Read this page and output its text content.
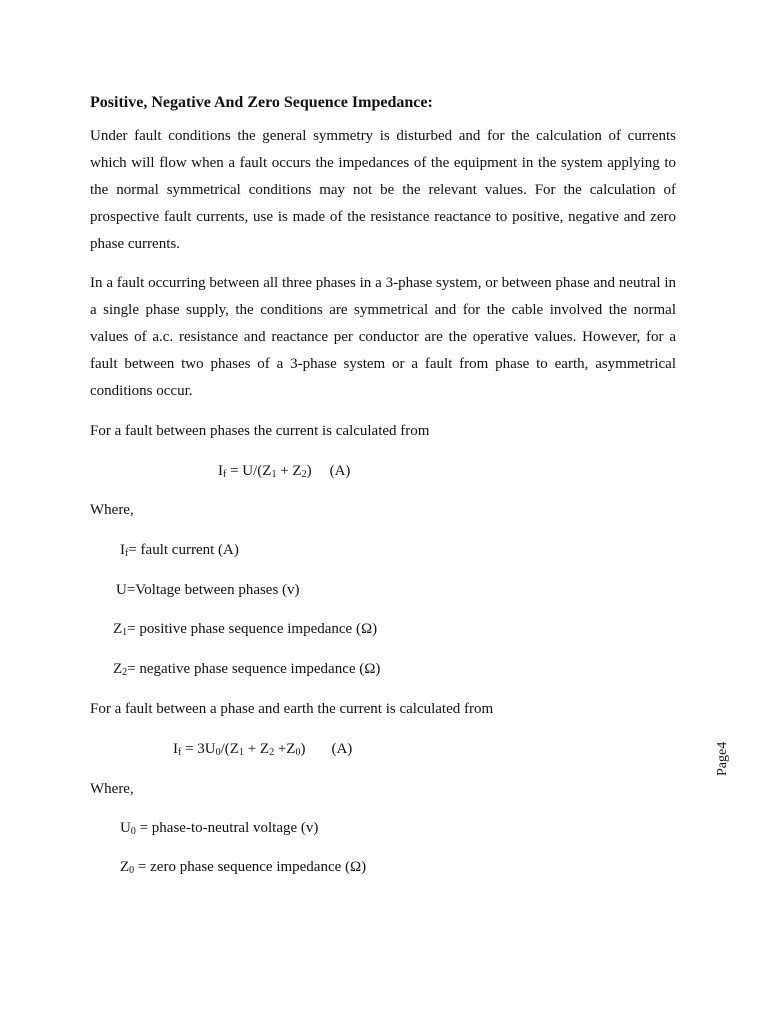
Positive, Negative And Zero Sequence Impedance:

Under fault conditions the general symmetry is disturbed and for the calculation of currents which will flow when a fault occurs the impedances of the equipment in the system applying to the normal symmetrical conditions may not be the relevant values. For the calculation of prospective fault currents, use is made of the resistance reactance to positive, negative and zero phase currents.

In a fault occurring between all three phases in a 3-phase system, or between phase and neutral in a single phase supply, the conditions are symmetrical and for the cable involved the normal values of a.c. resistance and reactance per conductor are the operative values. However, for a fault between two phases of a 3-phase system or a fault from phase to earth, asymmetrical conditions occur.

For a fault between phases the current is calculated from

$I_f = U/(Z_1 + Z_2)$ (A)

Where,

$I_f=$ fault current (A)

U=Voltage between phases (v)

$Z_1=$ positive phase sequence impedance (Ω)

$Z_2=$ negative phase sequence impedance (Ω)

For a fault between a phase and earth the current is calculated from

$I_f = 3U_0/(Z_1 + Z_2 +Z_0)$ (A)

Where,

$U_0$ = phase-to-neutral voltage (v)

$Z_0$ = zero phase sequence impedance (Ω)

Page4
